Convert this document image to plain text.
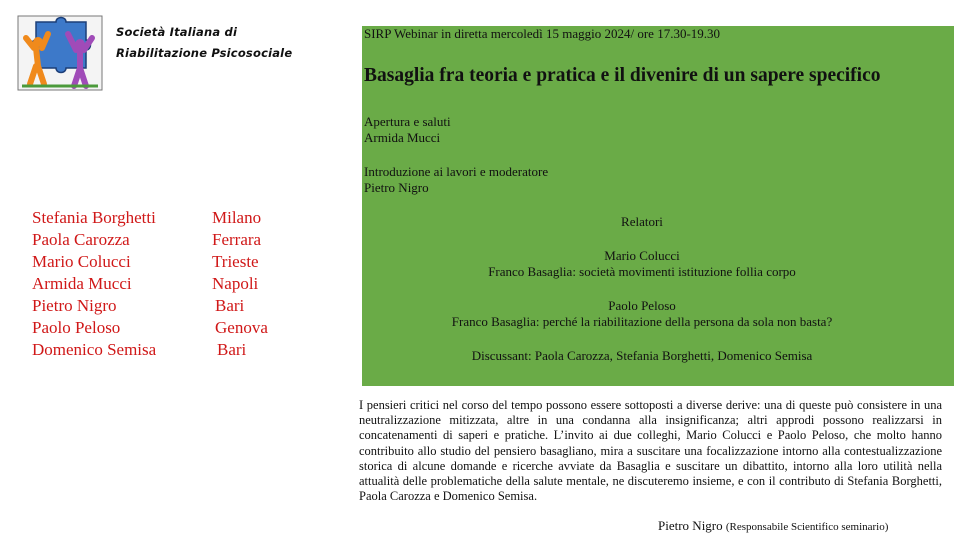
Società Italiana di
Riabilitazione Psicosociale
Stefania Borghetti	Milano
Paola Carozza	Ferrara
Mario Colucci	Trieste
Armida Mucci	Napoli
Pietro Nigro	Bari
Paolo Peloso	Genova
Domenico Semisa	Bari
SIRP Webinar in diretta mercoledì 15 maggio 2024/ ore 17.30-19.30
Basaglia fra teoria e pratica e il divenire di un sapere specifico
Apertura e saluti
Armida Mucci
Introduzione ai lavori e moderatore
Pietro Nigro
Relatori
Mario Colucci
Franco Basaglia: società movimenti istituzione follia corpo
Paolo Peloso
Franco Basaglia: perché la riabilitazione della persona da sola non basta?
Discussant: Paola Carozza, Stefania Borghetti, Domenico Semisa
I pensieri critici nel corso del tempo possono essere sottoposti a diverse derive: una di queste può consistere in una neutralizzazione mitizzata, altre in una condanna alla insignificanza; altri approdi possono realizzarsi in concatenamenti di saperi e pratiche. L’invito ai due colleghi, Mario Colucci e Paolo Peloso, che molto hanno contribuito allo studio del pensiero basagliano, mira a suscitare una focalizzazione intorno alla contestualizzazione storica di alcune domande e ricerche avviate da Basaglia e suscitare un dibattito, intorno alla loro utilità nella attualità delle problematiche della salute mentale, ne discuteremo insieme, e con il contributo di Stefania Borghetti, Paola Carozza e Domenico Semisa.
Pietro Nigro (Responsabile Scientifico seminario)
